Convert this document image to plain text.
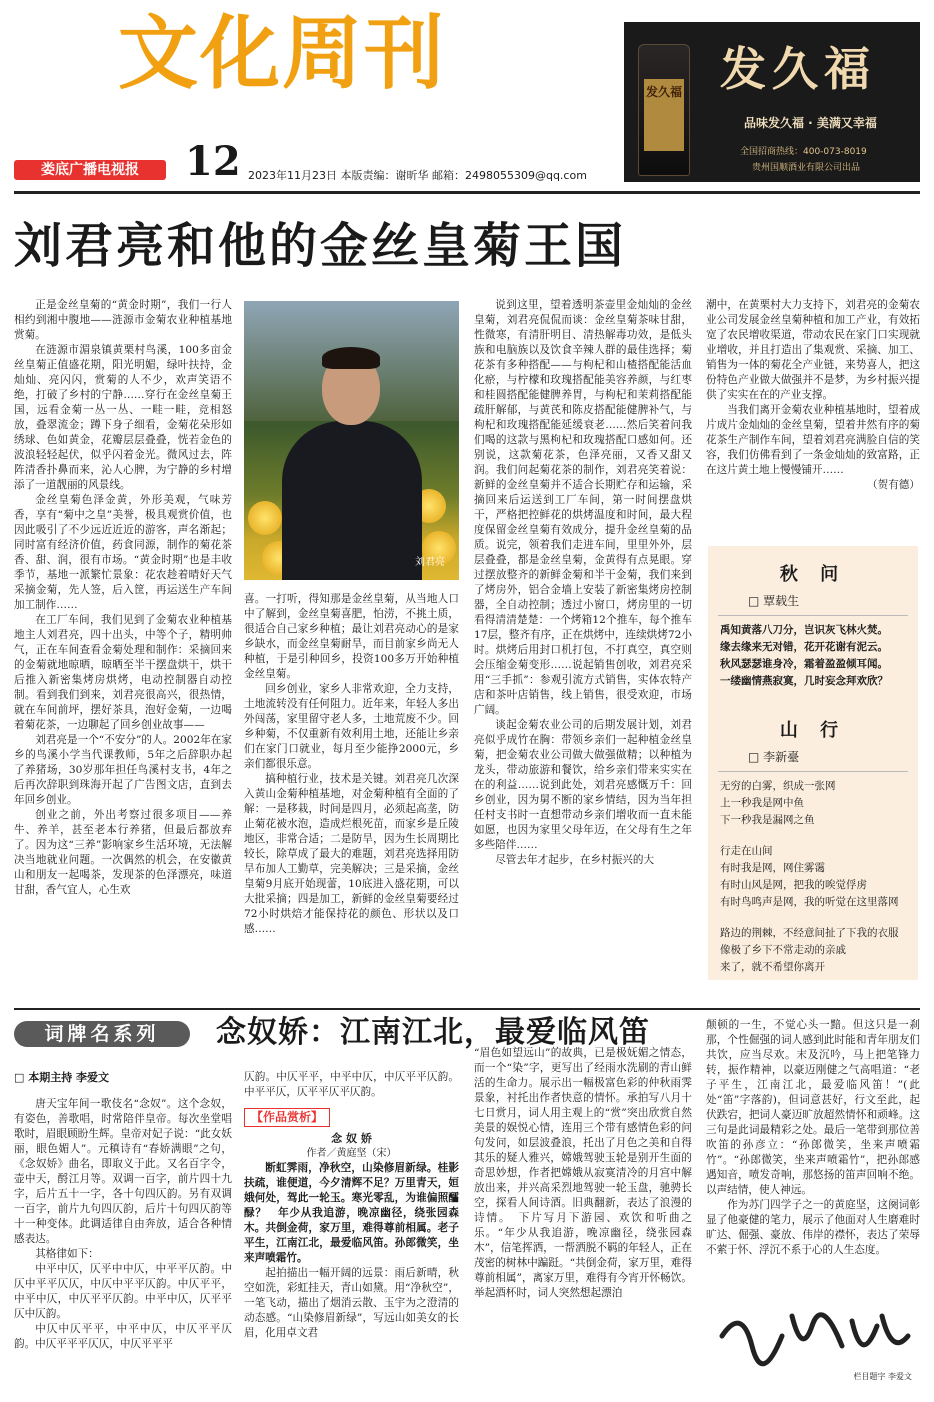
文化周刊
娄底广播电视报	12 2023年11月23日 本版责编：谢昕华 邮箱：2498055309@qq.com
发久福 发久福
品味发久福 · 美满又幸福
全国招商热线：400-073-8019
贵州国顺酒业有限公司出品
刘君亮和他的金丝皇菊王国

正是金丝皇菊的“黄金时期”，我们一行人相约到湘中腹地——涟源市金菊农业种植基地赏菊。

在涟源市湄泉镇黄栗村鸟溪，100多亩金丝皇菊正值盛花期，阳光明媚，绿叶扶持，金灿灿、亮闪闪，赏菊的人不少，欢声笑语不绝，打破了乡村的宁静……穿行在金丝皇菊王国，远看金菊一丛一丛、一畦一畦，竞相怒放，叠翠流金；蹲下身子细看，金菊花朵形如绣球、色如黄金，花瓣层层叠叠，恍若金色的波浪轻轻起伏，似乎闪着金光。微风过去，阵阵清香扑鼻而来，沁人心脾，为宁静的乡村增添了一道靓丽的风景线。

金丝皇菊色泽金黄，外形美观，气味芳香，享有“菊中之皇”美誉，极具观赏价值，也因此吸引了不少远近近近的游客，声名渐起；同时富有经济价值，药食同源，制作的菊花茶香、甜、润，很有市场。“黄金时期”也是丰收季节，基地一派繁忙景象：花农趁着晴好天气采摘金菊，先人签，后入筐，再运送生产车间加工制作……

在工厂车间，我们见到了金菊农业种植基地主人刘君亮，四十出头，中等个子，精明帅气，正在车间查看金菊处理和制作：采摘回来的金菊就地晾晒，晾晒至半干摆盘烘干，烘干后推入新密集烤房烘烤，电动控制器自动控制。看到我们到来，刘君亮很高兴，很热情，就在车间前坪，摆好茶具，泡好金菊，一边喝着菊花茶，一边聊起了回乡创业故事——

刘君亮是一个“不安分”的人。2002年在家乡的鸟溪小学当代课教师，5年之后辞职办起了养猪场，30岁那年担任鸟溪村支书，4年之后再次辞职到珠海开起了广告图文店，直到去年回乡创业。

创业之前，外出考察过很多项目——养牛、养羊，甚至老本行养猪，但最后都放弃了。因为这“三养”影响家乡生活环境，无法解决当地就业问题。一次偶然的机会，在安徽黄山和朋友一起喝茶，发现茶的色泽漂亮，味道甘甜，香气宜人，心生欢

刘君亮

喜。一打听，得知那是金丝皇菊，从当地人口中了解到，金丝皇菊喜肥，怕涝，不挑土质，很适合自己家乡种植；最让刘君亮动心的是家乡缺水，而金丝皇菊耐旱，而目前家乡尚无人种植，于是引种回乡，投资100多万开始种植金丝皇菊。

回乡创业，家乡人非常欢迎，全力支持，土地流转没有任何阻力。近年来，年轻人多出外闯荡，家里留守老人多，土地荒废不少。回乡种菊，不仅重新有效利用土地，还能让乡亲们在家门口就业，每月至少能挣2000元，乡亲们都很乐意。

搞种植行业，技术是关键。刘君亮几次深入黄山金菊种植基地，对金菊种植有全面的了解：一是移栽，时间是四月，必须起高垄，防止菊花被水泡，造成烂根死苗，而家乡是丘陵地区，非常合适；二是防旱，因为生长周期比较长，除草成了最大的难题，刘君亮选择用防旱布加人工勤草，完美解决；三是采摘，金丝皇菊9月底开始现蕾，10底进入盛花期，可以大批采摘；四是加工，新鲜的金丝皇菊要经过72小时烘焙才能保持花的颜色、形状以及口感……

说到这里，望着透明茶壶里金灿灿的金丝皇菊，刘君亮侃侃而谈：金丝皇菊茶味甘甜，性微寒，有清肝明目、清热解毒功效，是低头族和电脑族以及饮食辛辣人群的最佳选择；菊花茶有多种搭配——与枸杞和山楂搭配能活血化瘀，与柠檬和玫瑰搭配能美容养颜，与红枣和桂圆搭配能健脾养胃，与枸杞和茉莉搭配能疏肝解郁，与黄芪和陈皮搭配能健脾补气，与枸杞和玫瑰搭配能延缓衰老……然后笑着问我们喝的这款与黑枸杞和玫瑰搭配口感如何。还别说，这款菊花茶，色泽亮丽，又香又甜又润。我们问起菊花茶的制作，刘君亮笑着说：新鲜的金丝皇菊并不适合长期贮存和运输，采摘回来后运送到工厂车间，第一时间摆盘烘干，严格把控鲜花的烘烤温度和时间，最大程度保留金丝皇菊有效成分，提升金丝皇菊的品质。说完，领着我们走进车间，里里外外，层层叠叠，都是金丝皇菊，金黄得有点晃眼。穿过摆放整齐的新鲜金菊和半干金菊，我们来到了烤房外，铝合金墙上安装了新密集烤房控制器，全自动控制；透过小窗口，烤房里的一切看得清清楚楚：一个烤箱12个推车，每个推车17层，整齐有序，正在烘烤中，连续烘烤72小时。烘烤后用封口机打包，不打真空，真空则会压缩金菊变形……说起销售创收，刘君亮采用“三手抓”：参观引流方式销售，实体农特产店和茶叶店销售，线上销售，很受欢迎，市场广阔。

谈起金菊农业公司的后期发展计划，刘君亮似乎成竹在胸：带领乡亲们一起种植金丝皇菊，把金菊农业公司做大做强做精；以种植为龙头，带动旅游和餐饮，给乡亲们带来实实在在的利益……说到此处，刘君亮感慨万千：回乡创业，因为舅不断的家乡情结，因为当年担任村支书时一直想带动乡亲们增收而一直未能如愿，也因为家里父母年迈，在父母有生之年多些陪伴……

尽管去年才起步，在乡村振兴的大

潮中，在黄栗村大力支持下，刘君亮的金菊农业公司发展金丝皇菊种植和加工产业，有效拓宽了农民增收渠道，带动农民在家门口实现就业增收，并且打造出了集观赏、采摘、加工、销售为一体的菊花全产业链，来势喜人，把这份特色产业做大做强并不是梦，为乡村振兴提供了实实在在的产业支撑。

当我们离开金菊农业种植基地时，望着成片成片金灿灿的金丝皇菊，望着井然有序的菊花茶生产制作车间，望着刘君亮满脸自信的笑容，我们仿佛看到了一条金灿灿的致富路，正在这片黄土地上慢慢铺开……

（贺有德）
秋 问
□ 覃载生
禹知黄落八刀分，岂识灰飞林火焚。
缘去缘来无对错，花开花谢有泥云。
秋风瑟瑟谁身冷，霜着盈盈倾耳闻。
一缕幽情燕寂寞，几时妄念拜欢欣？
山 行
□ 李新臺
无穷的白雾，织成一张网
上一秒我是网中鱼
下一秒我是漏网之鱼
行走在山间
有时我是网，网住雾霭
有时山风是网，把我的唉觉俘虏
有时鸟鸣声是网，我的听觉在这里落网
路边的荆棘，不经意间扯了下我的衣服
像极了乡下不常走动的亲戚
来了，就不希望你离开
词牌名系列	念奴娇：江南江北，最爱临风笛
□ 本期主持 李爱文

唐天宝年间一歌伎名“念奴”。这个念奴，有姿色，善歌唱，时常陪伴皇帝。每次坐堂唱歌时，眉眼顾盼生辉。皇帝对妃子说：“此女妖丽，眼色媚人”。元稹诗有“春娇满眼”之句，《念奴娇》曲名，即取义于此。又名百字令，壶中天，酹江月等。双调一百字，前片四十九字，后片五十一字，各十句四仄韵。另有双调一百字，前片九句四仄韵，后片十句四仄韵等十一种变体。此调适律自由奔放，适合各种情感表达。

其格律如下：

中平中仄，仄平中中仄，中平平仄韵。中仄中平平仄仄，中仄中平平仄韵。中仄平平，中平中仄，中仄平平仄韵。中平中仄，仄平平仄中仄韵。

中仄中仄平平，中平中仄，中仄平平仄韵。中仄平平平仄仄，中仄平平平

仄韵。中仄平平，中平中仄，中仄平平仄韵。中平平仄，仄平平仄平仄韵。

【作品赏析】
念 奴 娇
作者／黄庭坚（宋）

断虹霁雨，净秋空，山染修眉新绿。桂影扶疏，谁便道，今夕清辉不足？万里青天，姮娥何处，驾此一轮玉。寒光零乱，为谁偏照醽醁？　年少从我追游，晚凉幽径，绕张园森木。共倒金荷，家万里，难得尊前相属。老子平生，江南江北，最爱临风笛。孙郎微笑，坐来声喷霜竹。

起拍描出一幅开阔的远景：雨后新晴，秋空如洗，彩虹挂天，青山如黛。用“净秋空”，一笔飞动，描出了烟消云散、玉宇为之澄清的动态感。“山染修眉新绿”，写远山如美女的长眉，化用卓文君

“眉色如望远山”的故典，已是极妩媚之情态，而一个“染”字，更写出了经雨水洗刷的青山鲜活的生命力。展示出一幅极富色彩的仲秋雨霁景象，衬托出作者快意的情怀。承拍写八月十七日赏月，词人用主观上的“赏”突出欣赏自然美景的娱悦心情，连用三个带有感情色彩的问句发问，如层波叠浪，托出了月色之美和自得其乐的疑人雅兴，嫦娥驾驶玉轮是别开生面的奇思妙想，作者把嫦娥从寂寞清冷的月宫中解放出来，并兴高采烈地驾驶一轮玉盘，驰骋长空，探看人间诗酒。旧典翻新，表达了浪漫的诗情。　下片写月下游园、欢饮和听曲之乐。“年少从我追游，晚凉幽径，绕张园森木”，信笔挥洒，一帮洒脱不羁的年轻人，正在茂密的树林中蹁跹。“共倒金荷，家万里，难得尊前相属”，离家万里，难得有今宵开怀畅饮。举起酒杯时，词人突然想起漂泊

颠顿的一生，不觉心头一黯。但这只是一刹那，个性倔强的词人感到此时能和青年朋友们共饮，应当尽欢。末及沉吟，马上把笔锋力转，振作精神，以豪迈刚健之气高唱道：“老子平生，江南江北，最爱临风笛！”(此处“笛”字落韵)，但词意甚好，行文至此，起伏跌宕，把词人豪迈旷放超然情怀和顽峰。这三句是此词最精彩之处。最后一笔带到那位善吹笛的孙彦立：“孙郎微笑，坐来声喷霜竹”。“孙郎微笑，坐来声喷霜竹”，把孙郎感遇知音，喷发奇响，那悠扬的笛声回响不绝。以声结情，使人神远。

作为苏门四学子之一的黄庭坚，这阕词彰显了他豪健的笔力，展示了他面对人生磨难时旷达、倔强、豪放、伟岸的襟怀，表达了荣辱不萦于怀、浮沉不系于心的人生态度。

栏目题字 李爱文
